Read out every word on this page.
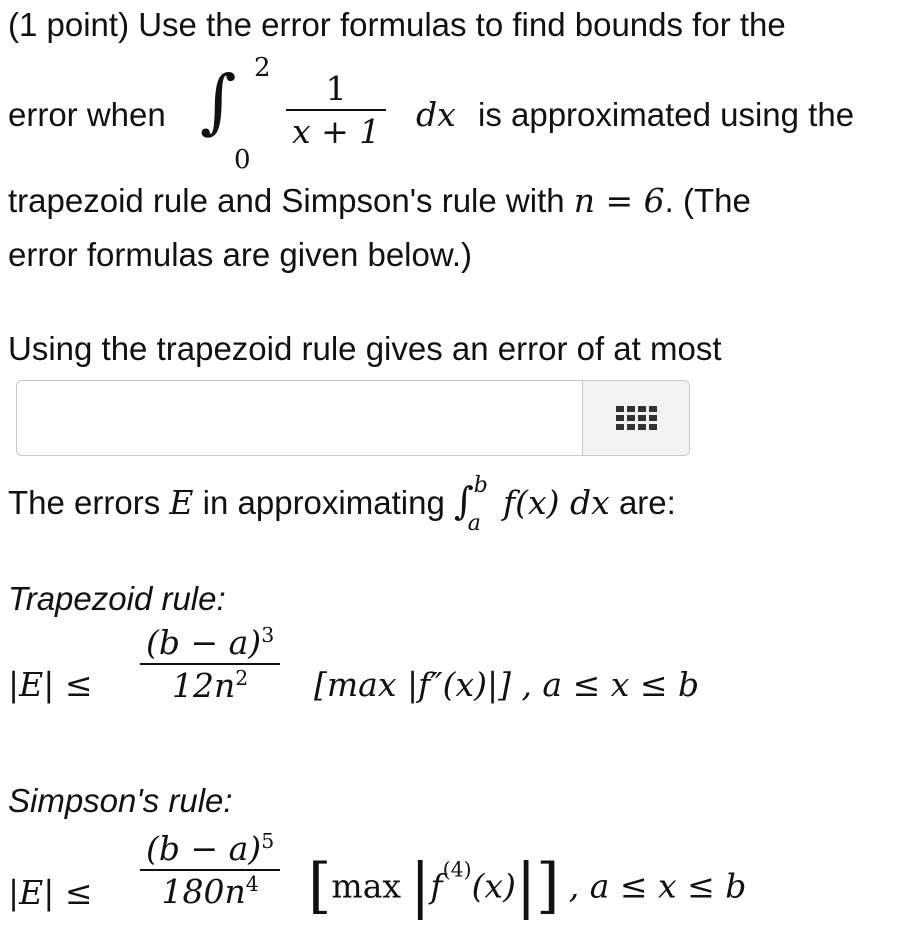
(1 point) Use the error formulas to find bounds for the
error when ∫ 2
0
1
x + 1 dx is approximated using the
trapezoid rule and Simpson's rule with n = 6. (The
error formulas are given below.)
Using the trapezoid rule gives an error of at most
The errors E in approximating ∫ b
a
f(x) dx are:
Trapezoid rule:
|E| ≤
$(b - a)^3$
$12n^2$ [max |f″(x)|] , a ≤ x ≤ b
Simpson's rule:
|E| ≤
$(b - a)^5$
$180n^4$ [max $|f^{(4)}(x)|$] , a ≤ x ≤ b
